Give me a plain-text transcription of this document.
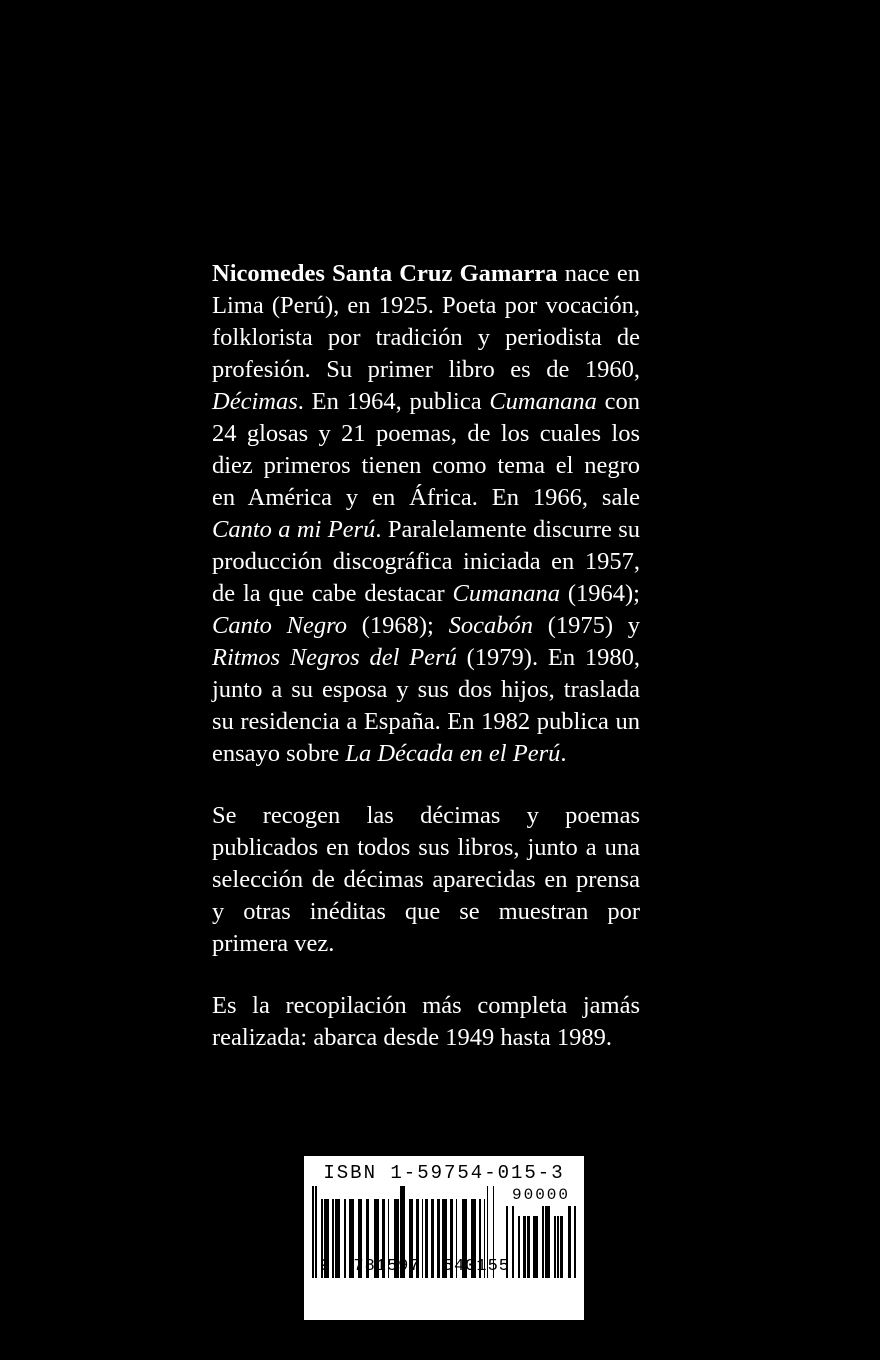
Nicomedes Santa Cruz Gamarra nace en Lima (Perú), en 1925. Poeta por vocación, folklorista por tradición y periodista de profesión. Su primer libro es de 1960, Décimas. En 1964, publica Cumanana con 24 glosas y 21 poemas, de los cuales los diez primeros tienen como tema el negro en América y en África. En 1966, sale Canto a mi Perú. Paralelamente discurre su producción discográfica iniciada en 1957, de la que cabe destacar Cumanana (1964); Canto Negro (1968); Socabón (1975) y Ritmos Negros del Perú (1979). En 1980, junto a su esposa y sus dos hijos, traslada su residencia a España. En 1982 publica un ensayo sobre La Década en el Perú.

Se recogen las décimas y poemas publicados en todos sus libros, junto a una selección de décimas aparecidas en prensa y otras inéditas que se muestran por primera vez.

Es la recopilación más completa jamás realizada: abarca desde 1949 hasta 1989.

ISBN 1-59754-015-3
90000
9 781597 540155
